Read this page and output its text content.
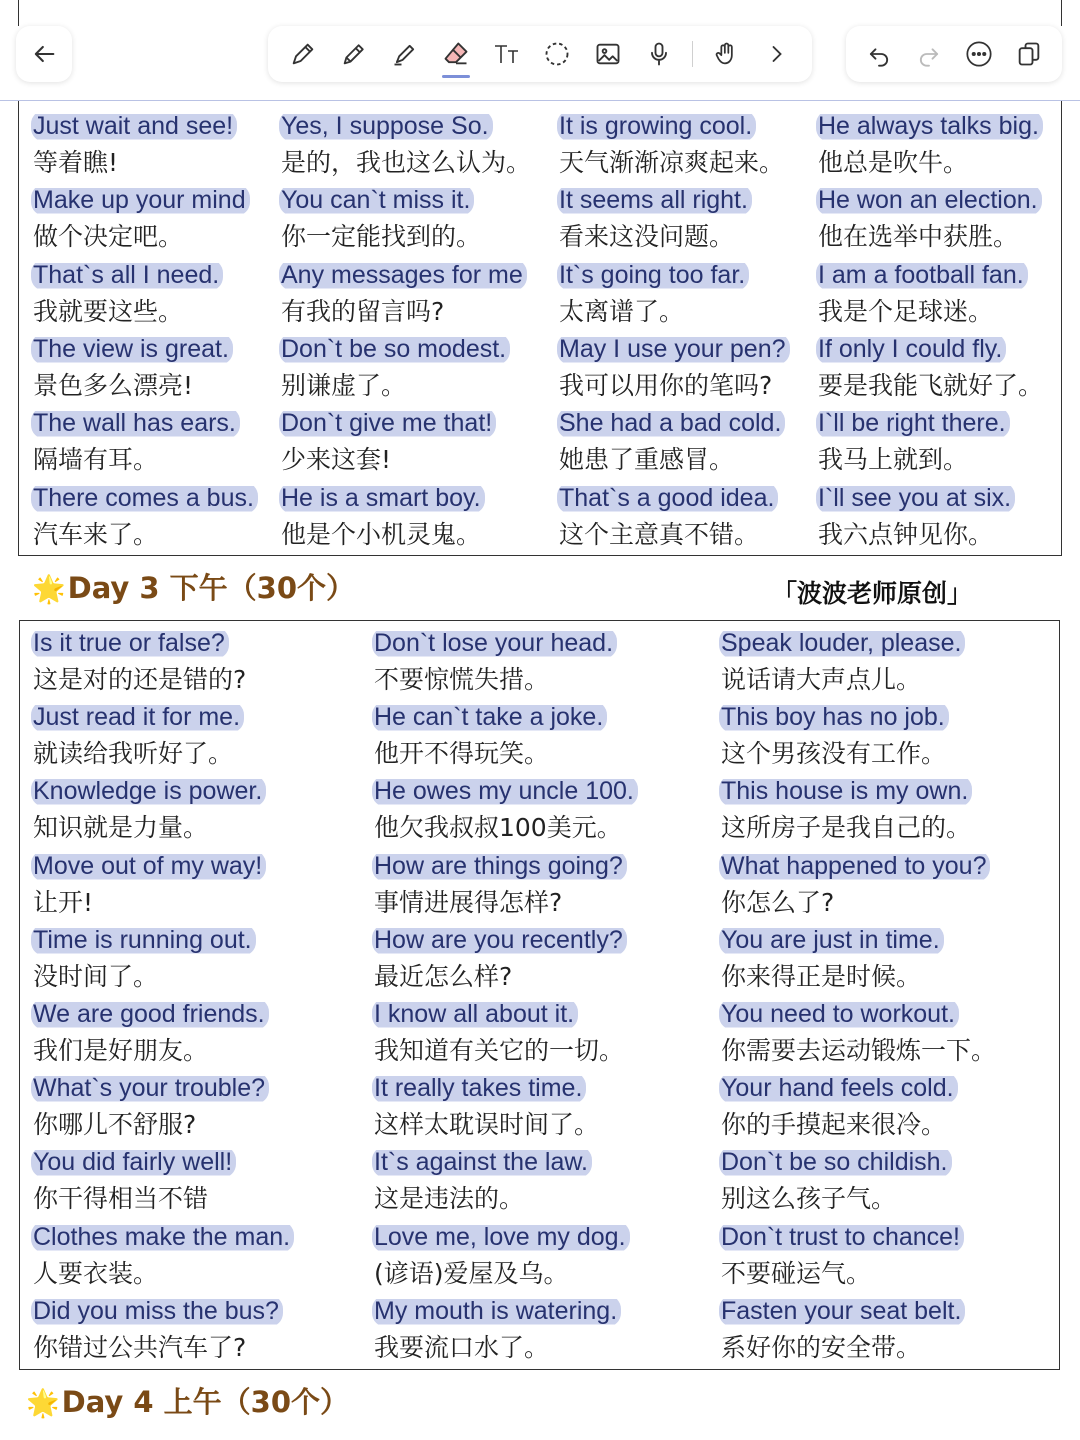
Just wait and see!
等着瞧!
Yes, I suppose So.
是的，我也这么认为。
It is growing cool.
天气渐渐凉爽起来。
He always talks big.
他总是吹牛。
Make up your mind
做个决定吧。
You can`t miss it.
你一定能找到的。
It seems all right.
看来这没问题。
He won an election.
他在选举中获胜。
That`s all I need.
我就要这些。
Any messages for me
有我的留言吗?
It`s going too far.
太离谱了。
I am a football fan.
我是个足球迷。
The view is great.
景色多么漂亮!
Don`t be so modest.
别谦虚了。
May I use your pen?
我可以用你的笔吗?
If only I could fly.
要是我能飞就好了。
The wall has ears.
隔墙有耳。
Don`t give me that!
少来这套!
She had a bad cold.
她患了重感冒。
I`ll be right there.
我马上就到。
There comes a bus.
汽车来了。
He is a smart boy.
他是个小机灵鬼。
That`s a good idea.
这个主意真不错。
I`ll see you at six.
我六点钟见你。
🌟Day 3 下午（30个）	「波波老师原创」
Is it true or false?
这是对的还是错的?
Don`t lose your head.
不要惊慌失措。
Speak louder, please.
说话请大声点儿。
Just read it for me.
就读给我听好了。
He can`t take a joke.
他开不得玩笑。
This boy has no job.
这个男孩没有工作。
Knowledge is power.
知识就是力量。
He owes my uncle 100.
他欠我叔叔100美元。
This house is my own.
这所房子是我自己的。
Move out of my way!
让开!
How are things going?
事情进展得怎样?
What happened to you?
你怎么了?
Time is running out.
没时间了。
How are you recently?
最近怎么样?
You are just in time.
你来得正是时候。
We are good friends.
我们是好朋友。
I know all about it.
我知道有关它的一切。
You need to workout.
你需要去运动锻炼一下。
What`s your trouble?
你哪儿不舒服?
It really takes time.
这样太耽误时间了。
Your hand feels cold.
你的手摸起来很冷。
You did fairly well!
你干得相当不错
It`s against the law.
这是违法的。
Don`t be so childish.
别这么孩子气。
Clothes make the man.
人要衣装。
Love me, love my dog.
(谚语)爱屋及乌。
Don`t trust to chance!
不要碰运气。
Did you miss the bus?
你错过公共汽车了?
My mouth is watering.
我要流口水了。
Fasten your seat belt.
系好你的安全带。
🌟Day 4 上午（30个）
